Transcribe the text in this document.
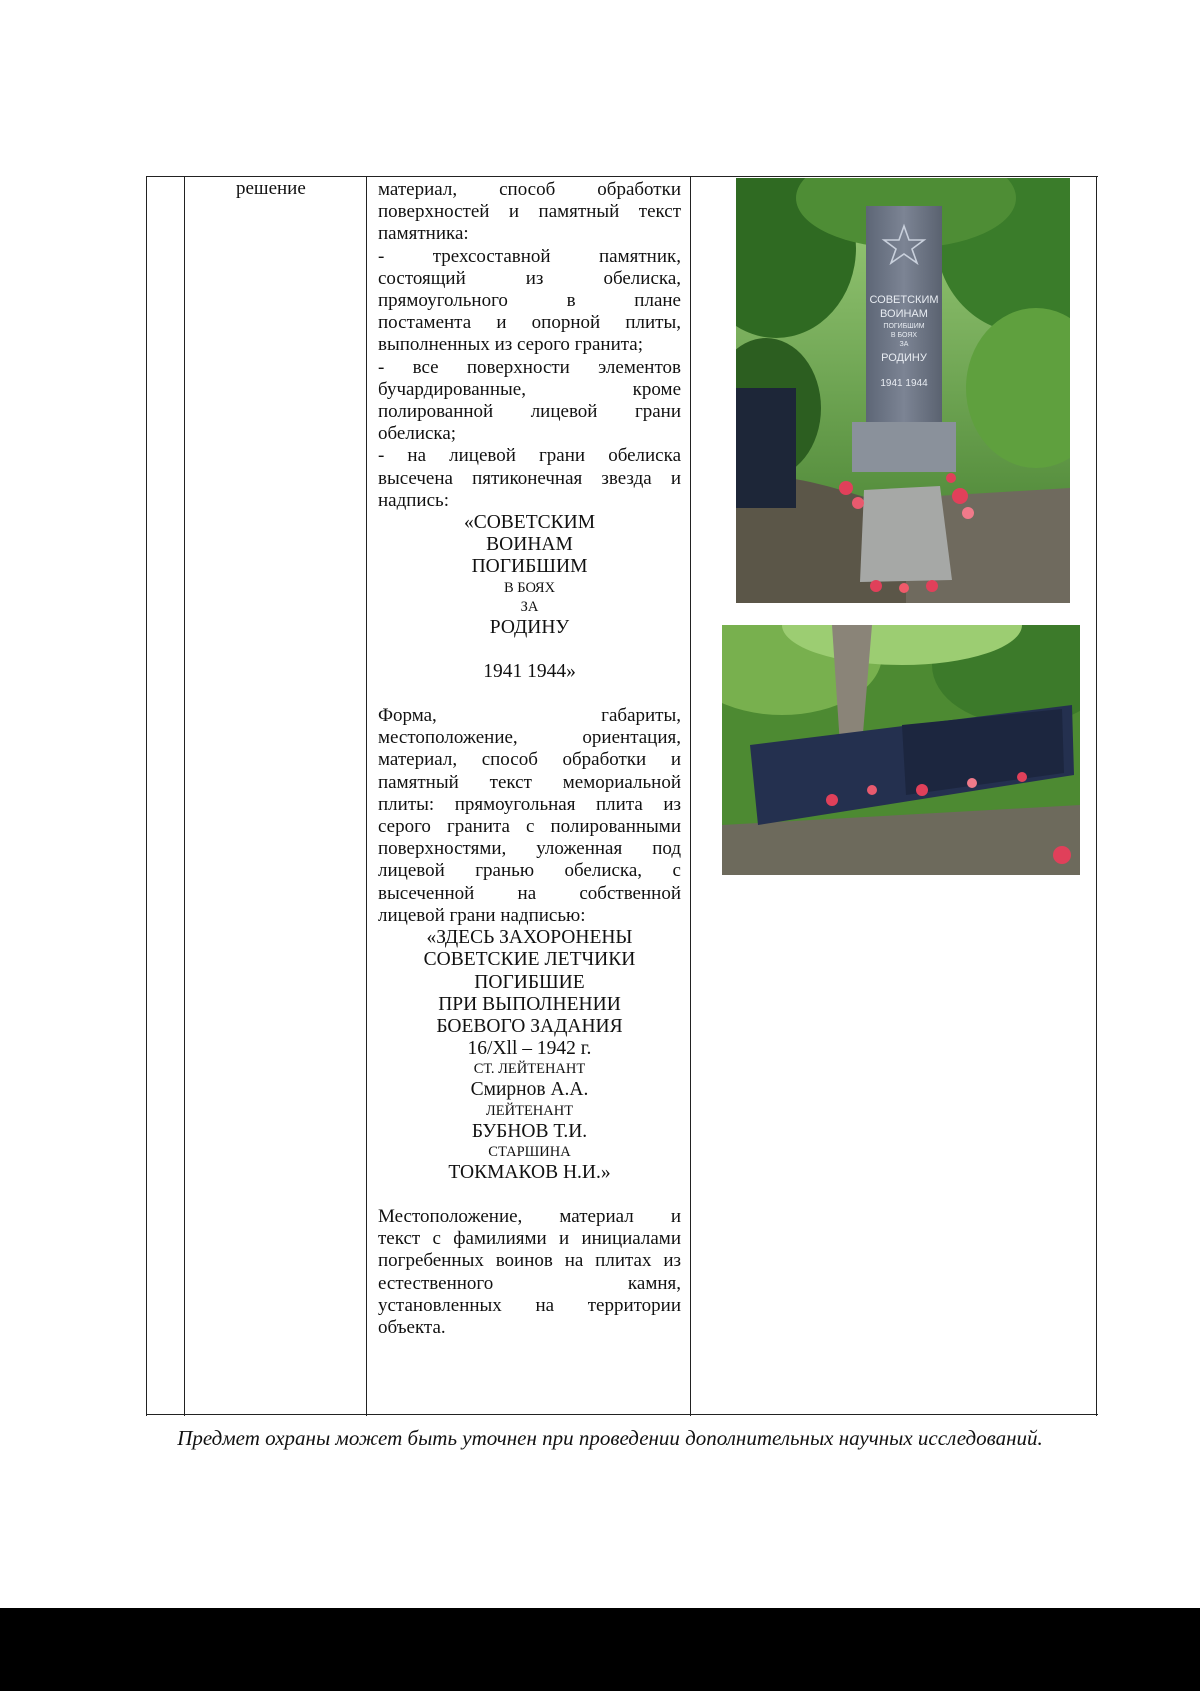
решение	материал, способ обработки
поверхностей и памятный текст
памятника:
- трехсоставной памятник,
состоящий из обелиска,
прямоугольного в плане
постамента и опорной плиты,
выполненных из серого гранита;
- все поверхности элементов
бучардированные, кроме
полированной лицевой грани
обелиска;
- на лицевой грани обелиска
высечена пятиконечная звезда и
надпись:
«СОВЕТСКИМ
ВОИНАМ
ПОГИБШИМ
В БОЯХ
ЗА
РОДИНУ
1941 1944»
Форма, габариты,
местоположение, ориентация,
материал, способ обработки и
памятный текст мемориальной
плиты: прямоугольная плита из
серого гранита с полированными
поверхностями, уложенная под
лицевой гранью обелиска, с
высеченной на собственной
лицевой грани надписью:
«ЗДЕСЬ ЗАХОРОНЕНЫ
СОВЕТСКИЕ ЛЕТЧИКИ
ПОГИБШИЕ
ПРИ ВЫПОЛНЕНИИ
БОЕВОГО ЗАДАНИЯ
16/Xll – 1942 г.
СТ. ЛЕЙТЕНАНТ
Смирнов А.А.
ЛЕЙТЕНАНТ
БУБНОВ Т.И.
СТАРШИНА
ТОКМАКОВ Н.И.»
Местоположение, материал и
текст с фамилиями и инициалами
погребенных воинов на плитах из
естественного камня,
установленных на территории
объекта.
СОВЕТСКИМ
ВОИНАМ
ПОГИБШИМ
В БОЯХ
ЗА
РОДИНУ
1941 1944
Предмет охраны может быть уточнен при проведении дополнительных научных исследований.
